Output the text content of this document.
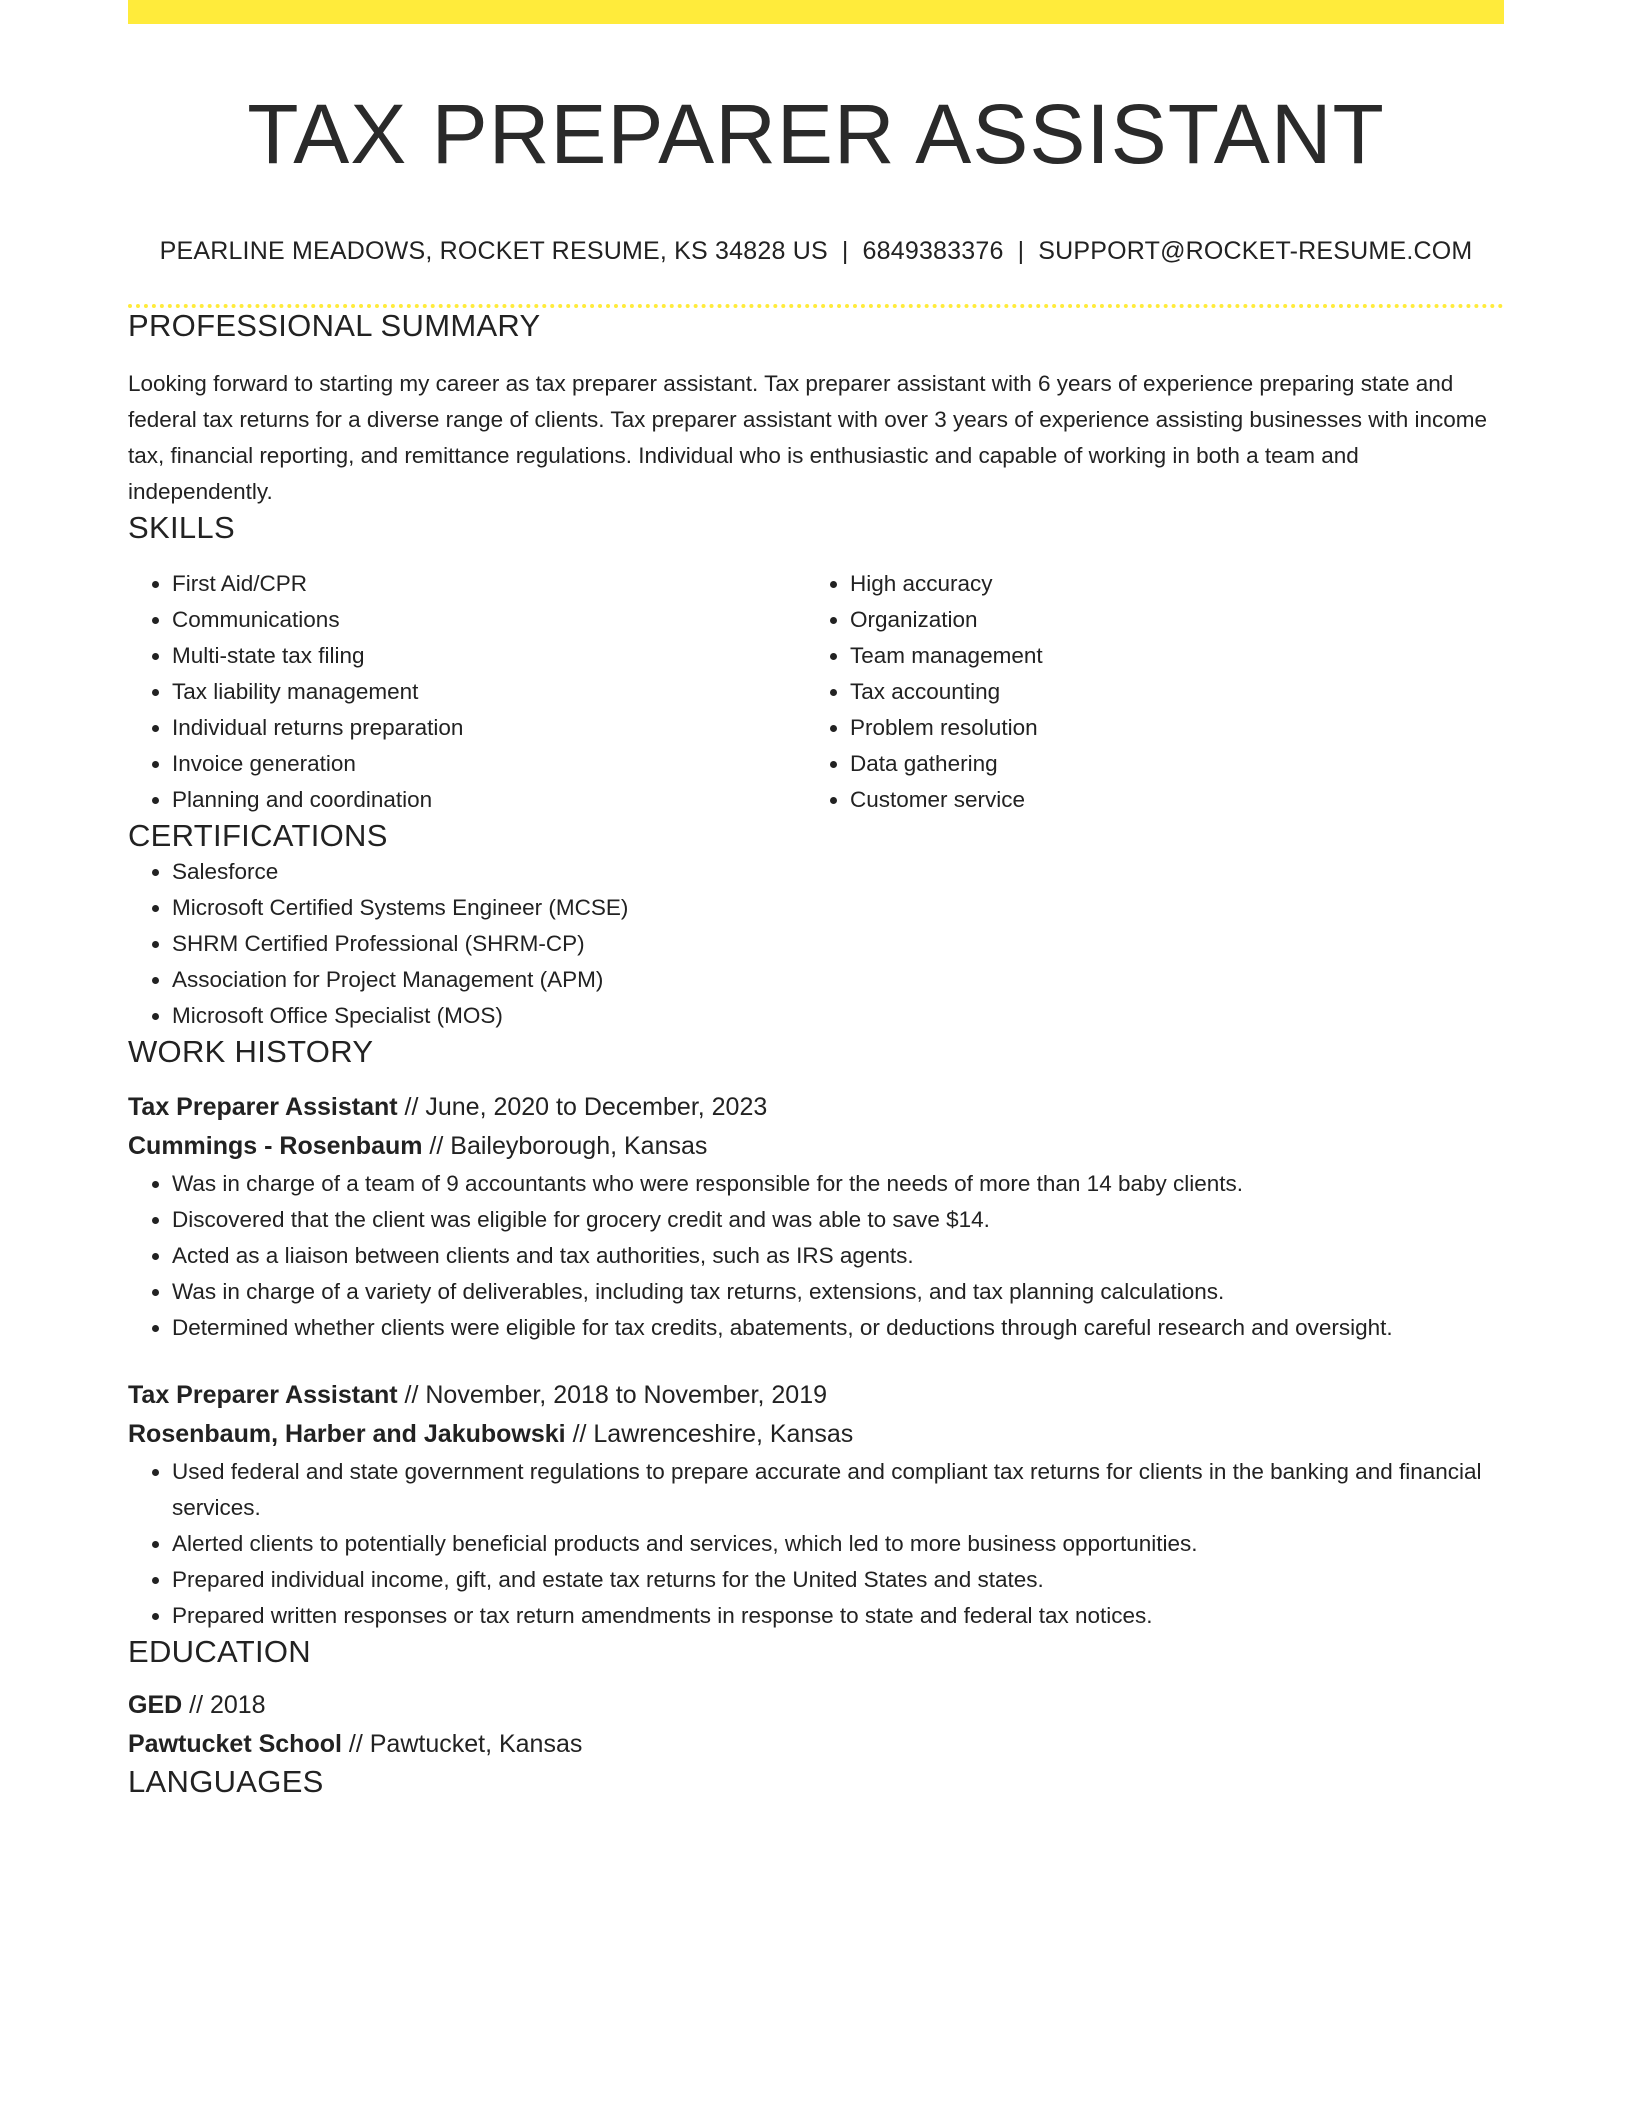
TAX PREPARER ASSISTANT
PEARLINE MEADOWS, ROCKET RESUME, KS 34828 US | 6849383376 | SUPPORT@ROCKET-RESUME.COM
PROFESSIONAL SUMMARY

Looking forward to starting my career as tax preparer assistant. Tax preparer assistant with 6 years of experience preparing state and federal tax returns for a diverse range of clients. Tax preparer assistant with over 3 years of experience assisting businesses with income tax, financial reporting, and remittance regulations. Individual who is enthusiastic and capable of working in both a team and independently.

SKILLS
• First Aid/CPR
• Communications
• Multi-state tax filing
• Tax liability management
• Individual returns preparation
• Invoice generation
• Planning and coordination
• High accuracy
• Organization
• Team management
• Tax accounting
• Problem resolution
• Data gathering
• Customer service
CERTIFICATIONS
• Salesforce
• Microsoft Certified Systems Engineer (MCSE)
• SHRM Certified Professional (SHRM-CP)
• Association for Project Management (APM)
• Microsoft Office Specialist (MOS)
WORK HISTORY
Tax Preparer Assistant // June, 2020 to December, 2023
Cummings - Rosenbaum // Baileyborough, Kansas
• Was in charge of a team of 9 accountants who were responsible for the needs of more than 14 baby clients.
• Discovered that the client was eligible for grocery credit and was able to save $14.
• Acted as a liaison between clients and tax authorities, such as IRS agents.
• Was in charge of a variety of deliverables, including tax returns, extensions, and tax planning calculations.
• Determined whether clients were eligible for tax credits, abatements, or deductions through careful research and oversight.
Tax Preparer Assistant // November, 2018 to November, 2019
Rosenbaum, Harber and Jakubowski // Lawrenceshire, Kansas
• Used federal and state government regulations to prepare accurate and compliant tax returns for clients in the banking and financial services.
• Alerted clients to potentially beneficial products and services, which led to more business opportunities.
• Prepared individual income, gift, and estate tax returns for the United States and states.
• Prepared written responses or tax return amendments in response to state and federal tax notices.
EDUCATION
GED // 2018
Pawtucket School // Pawtucket, Kansas
LANGUAGES
